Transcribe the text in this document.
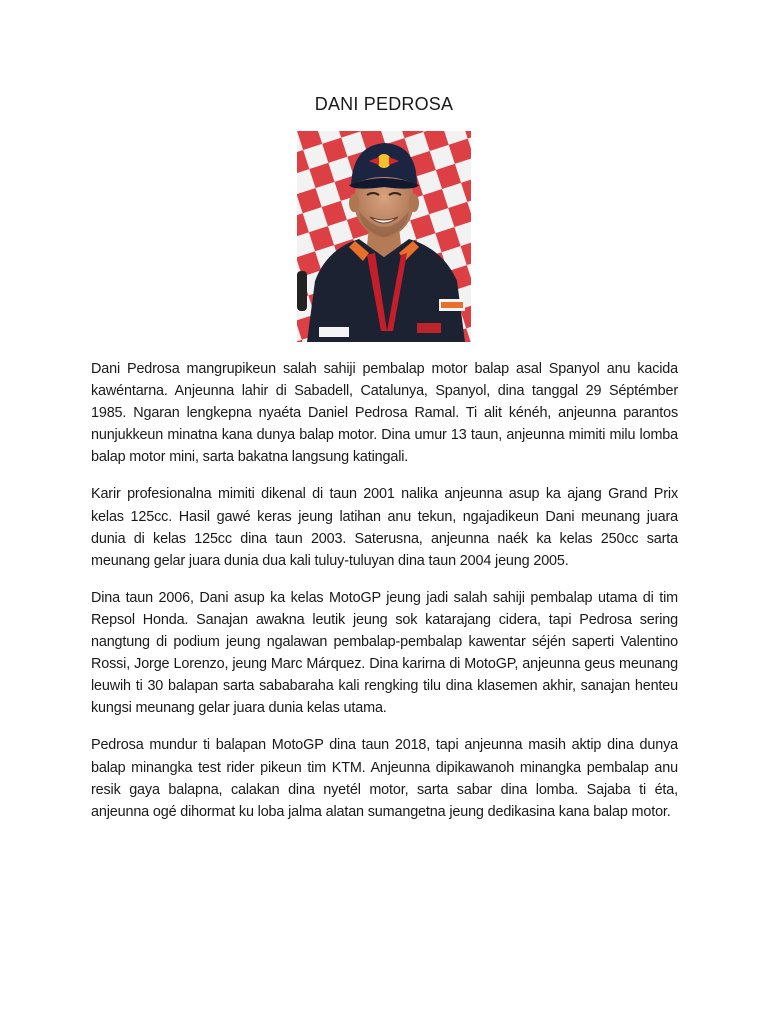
DANI PEDROSA

Dani Pedrosa mangrupikeun salah sahiji pembalap motor balap asal Spanyol anu kacida kawéntarna. Anjeunna lahir di Sabadell, Catalunya, Spanyol, dina tanggal 29 Séptémber 1985. Ngaran lengkepna nyaéta Daniel Pedrosa Ramal. Ti alit kénéh, anjeunna parantos nunjukkeun minatna kana dunya balap motor. Dina umur 13 taun, anjeunna mimiti milu lomba balap motor mini, sarta bakatna langsung katingali.

Karir profesionalna mimiti dikenal di taun 2001 nalika anjeunna asup ka ajang Grand Prix kelas 125cc. Hasil gawé keras jeung latihan anu tekun, ngajadikeun Dani meunang juara dunia di kelas 125cc dina taun 2003. Saterusna, anjeunna naék ka kelas 250cc sarta meunang gelar juara dunia dua kali tuluy-tuluyan dina taun 2004 jeung 2005.

Dina taun 2006, Dani asup ka kelas MotoGP jeung jadi salah sahiji pembalap utama di tim Repsol Honda. Sanajan awakna leutik jeung sok katarajang cidera, tapi Pedrosa sering nangtung di podium jeung ngalawan pembalap-pembalap kawentar séjén saperti Valentino Rossi, Jorge Lorenzo, jeung Marc Márquez. Dina karirna di MotoGP, anjeunna geus meunang leuwih ti 30 balapan sarta sababaraha kali rengking tilu dina klasemen akhir, sanajan henteu kungsi meunang gelar juara dunia kelas utama.

Pedrosa mundur ti balapan MotoGP dina taun 2018, tapi anjeunna masih aktip dina dunya balap minangka test rider pikeun tim KTM. Anjeunna dipikawanoh minangka pembalap anu resik gaya balapna, calakan dina nyetél motor, sarta sabar dina lomba. Sajaba ti éta, anjeunna ogé dihormat ku loba jalma alatan sumangetna jeung dedikasina kana balap motor.
